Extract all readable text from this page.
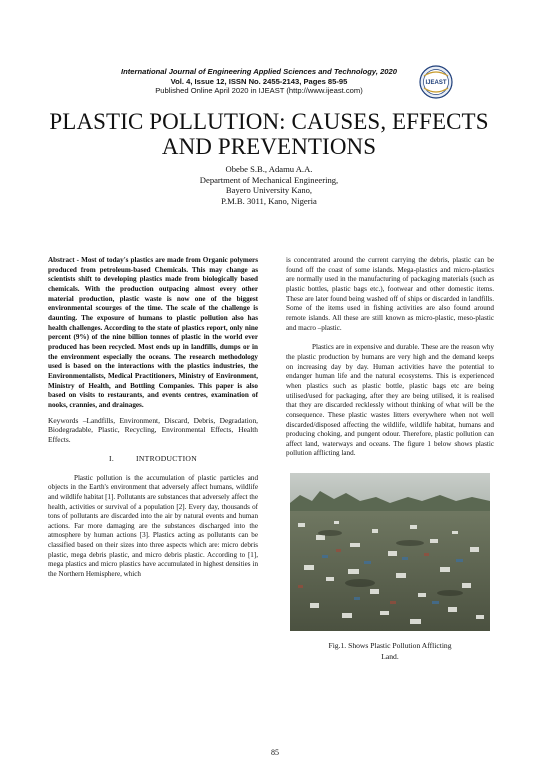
International Journal of Engineering Applied Sciences and Technology, 2020
Vol. 4, Issue 12, ISSN No. 2455-2143, Pages 85-95
Published Online April 2020 in IJEAST (http://www.ijeast.com)
IJEAST
PLASTIC POLLUTION: CAUSES, EFFECTS
AND PREVENTIONS
Obebe S.B., Adamu A.A.
Department of Mechanical Engineering,
Bayero University Kano,
P.M.B. 3011, Kano, Nigeria

Abstract - Most of today's plastics are made from Organic polymers produced from petroleum-based Chemicals. This may change as scientists shift to developing plastics made from biologically based chemicals. With the production outpacing almost every other material production, plastic waste is now one of the biggest environmental scourges of the time. The scale of the challenge is daunting. The exposure of humans to plastic pollution also has health challenges. According to the state of plastics report, only nine percent (9%) of the nine billion tonnes of plastic in the world ever produced has been recycled. Most ends up in landfills, dumps or in the environment especially the oceans. The research methodology used is based on the interactions with the plastics industries, the Environmentalists, Medical Practitioners, Ministry of Environment, Ministry of Health, and Bottling Companies. This paper is also based on visits to restaurants, and events centres, examination of nooks, crannies, and drainages.

Keywords –Landfills, Environment, Discard, Debris, Degradation, Biodegradable, Plastic, Recycling, Environmental Effects, Health Effects.

I.	INTRODUCTION

Plastic pollution is the accumulation of plastic particles and objects in the Earth's environment that adversely affect humans, wildlife and wildlife habitat [1]. Pollutants are substances that adversely affect the health, activities or survival of a population [2]. Every day, thousands of tons of pollutants are discarded into the air by natural events and human actions. Far more damaging are the substances discharged into the atmosphere by human actions [3]. Plastics acting as pollutants can be classified based on their sizes into three aspects which are: micro debris plastic, mega debris plastic, and micro debris plastic. According to [1], mega plastics and micro plastics have accumulated in highest densities in the Northern Hemisphere, which

is concentrated around the current carrying the debris, plastic can be found off the coast of some islands. Mega-plastics and micro-plastics are normally used in the manufacturing of packaging materials (such as plastic bottles, plastic bags etc.), footwear and other domestic items. These are later found being washed off of ships or discarded in landfills. Some of the items used in fishing activities are also found around remote islands. All these are still known as micro-plastic, meso-plastic and macro –plastic.

Plastics are in expensive and durable. These are the reason why the plastic production by humans are very high and the demand keeps on increasing day by day. Human activities have the potential to endanger human life and the natural ecosystems. This is experienced when plastics such as plastic bottle, plastic bags etc are being utilised/used for packaging, after they are being utilised, it is realised that they are discarded recklessly without thinking of what will be the consequence. These plastic wastes litters everywhere when not well discarded/disposed affecting the wildlife, wildlife habitat, humans and producing choking, and pungent odour. Therefore, plastic pollution can affect land, waterways and oceans. The figure 1 below shows plastic pollution afflicting land.

Fig.1. Shows Plastic Pollution Afflicting
Land.
85
